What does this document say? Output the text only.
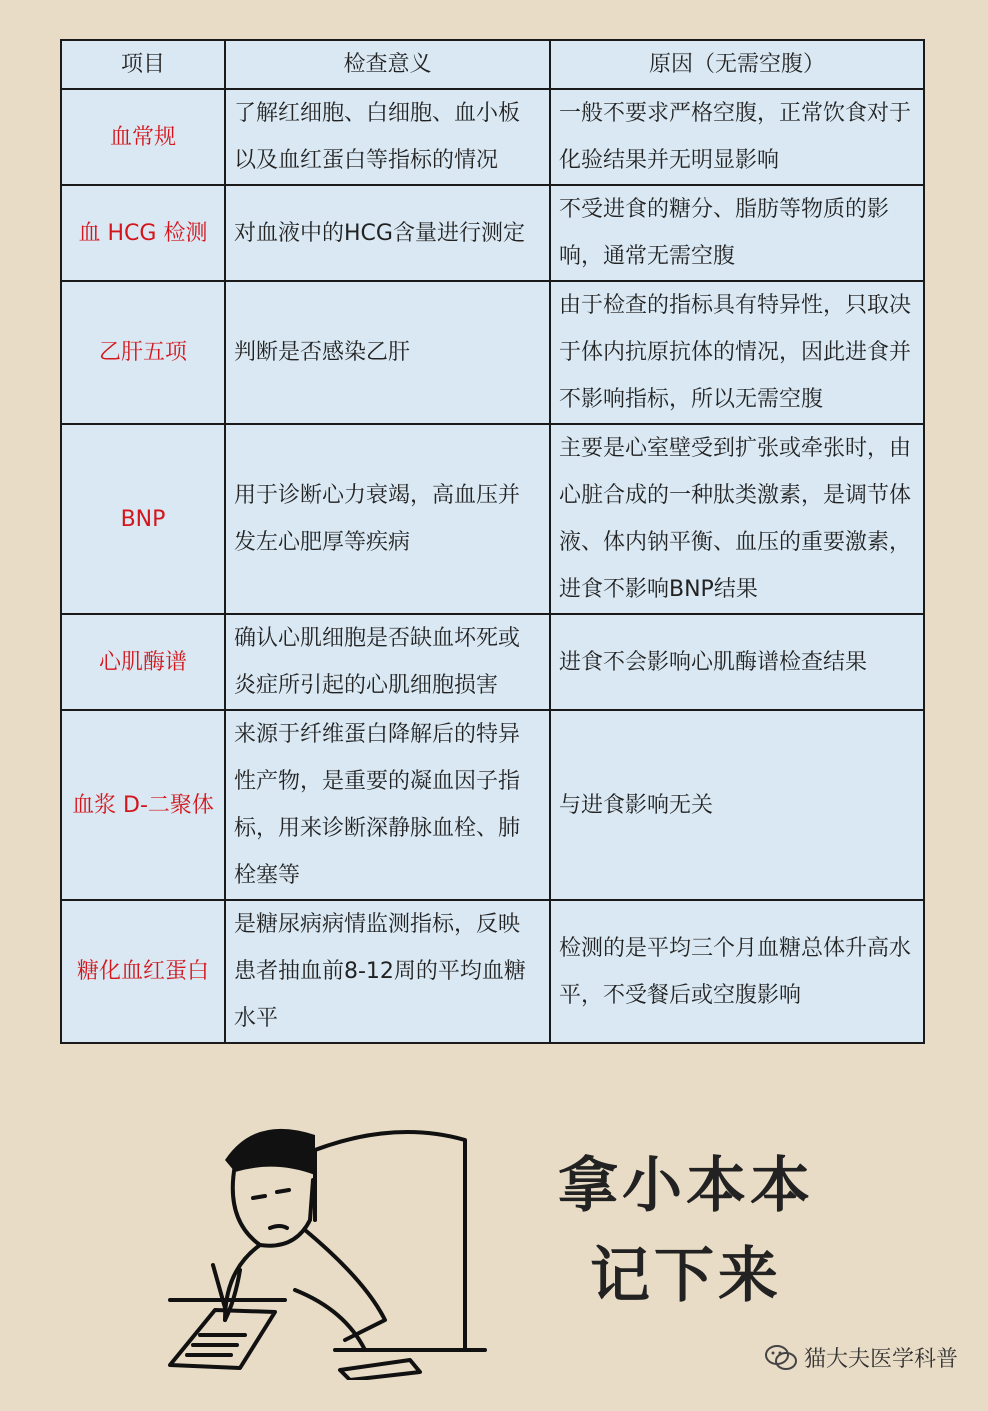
项目	检查意义	原因（无需空腹）
血常规	了解红细胞、白细胞、血小板以及血红蛋白等指标的情况	一般不要求严格空腹，正常饮食对于化验结果并无明显影响
血 HCG 检测	对血液中的HCG含量进行测定	不受进食的糖分、脂肪等物质的影响，通常无需空腹
乙肝五项	判断是否感染乙肝	由于检查的指标具有特异性，只取决于体内抗原抗体的情况，因此进食并不影响指标，所以无需空腹
BNP	用于诊断心力衰竭，高血压并发左心肥厚等疾病	主要是心室壁受到扩张或牵张时，由心脏合成的一种肽类激素，是调节体液、体内钠平衡、血压的重要激素，进食不影响BNP结果
心肌酶谱	确认心肌细胞是否缺血坏死或炎症所引起的心肌细胞损害	进食不会影响心肌酶谱检查结果
血浆 D-二聚体	来源于纤维蛋白降解后的特异性产物，是重要的凝血因子指标，用来诊断深静脉血栓、肺栓塞等	与进食影响无关
糖化血红蛋白	是糖尿病病情监测指标，反映患者抽血前8-12周的平均血糖水平	检测的是平均三个月血糖总体升高水平，不受餐后或空腹影响
拿小本本
记下来
猫大夫医学科普
